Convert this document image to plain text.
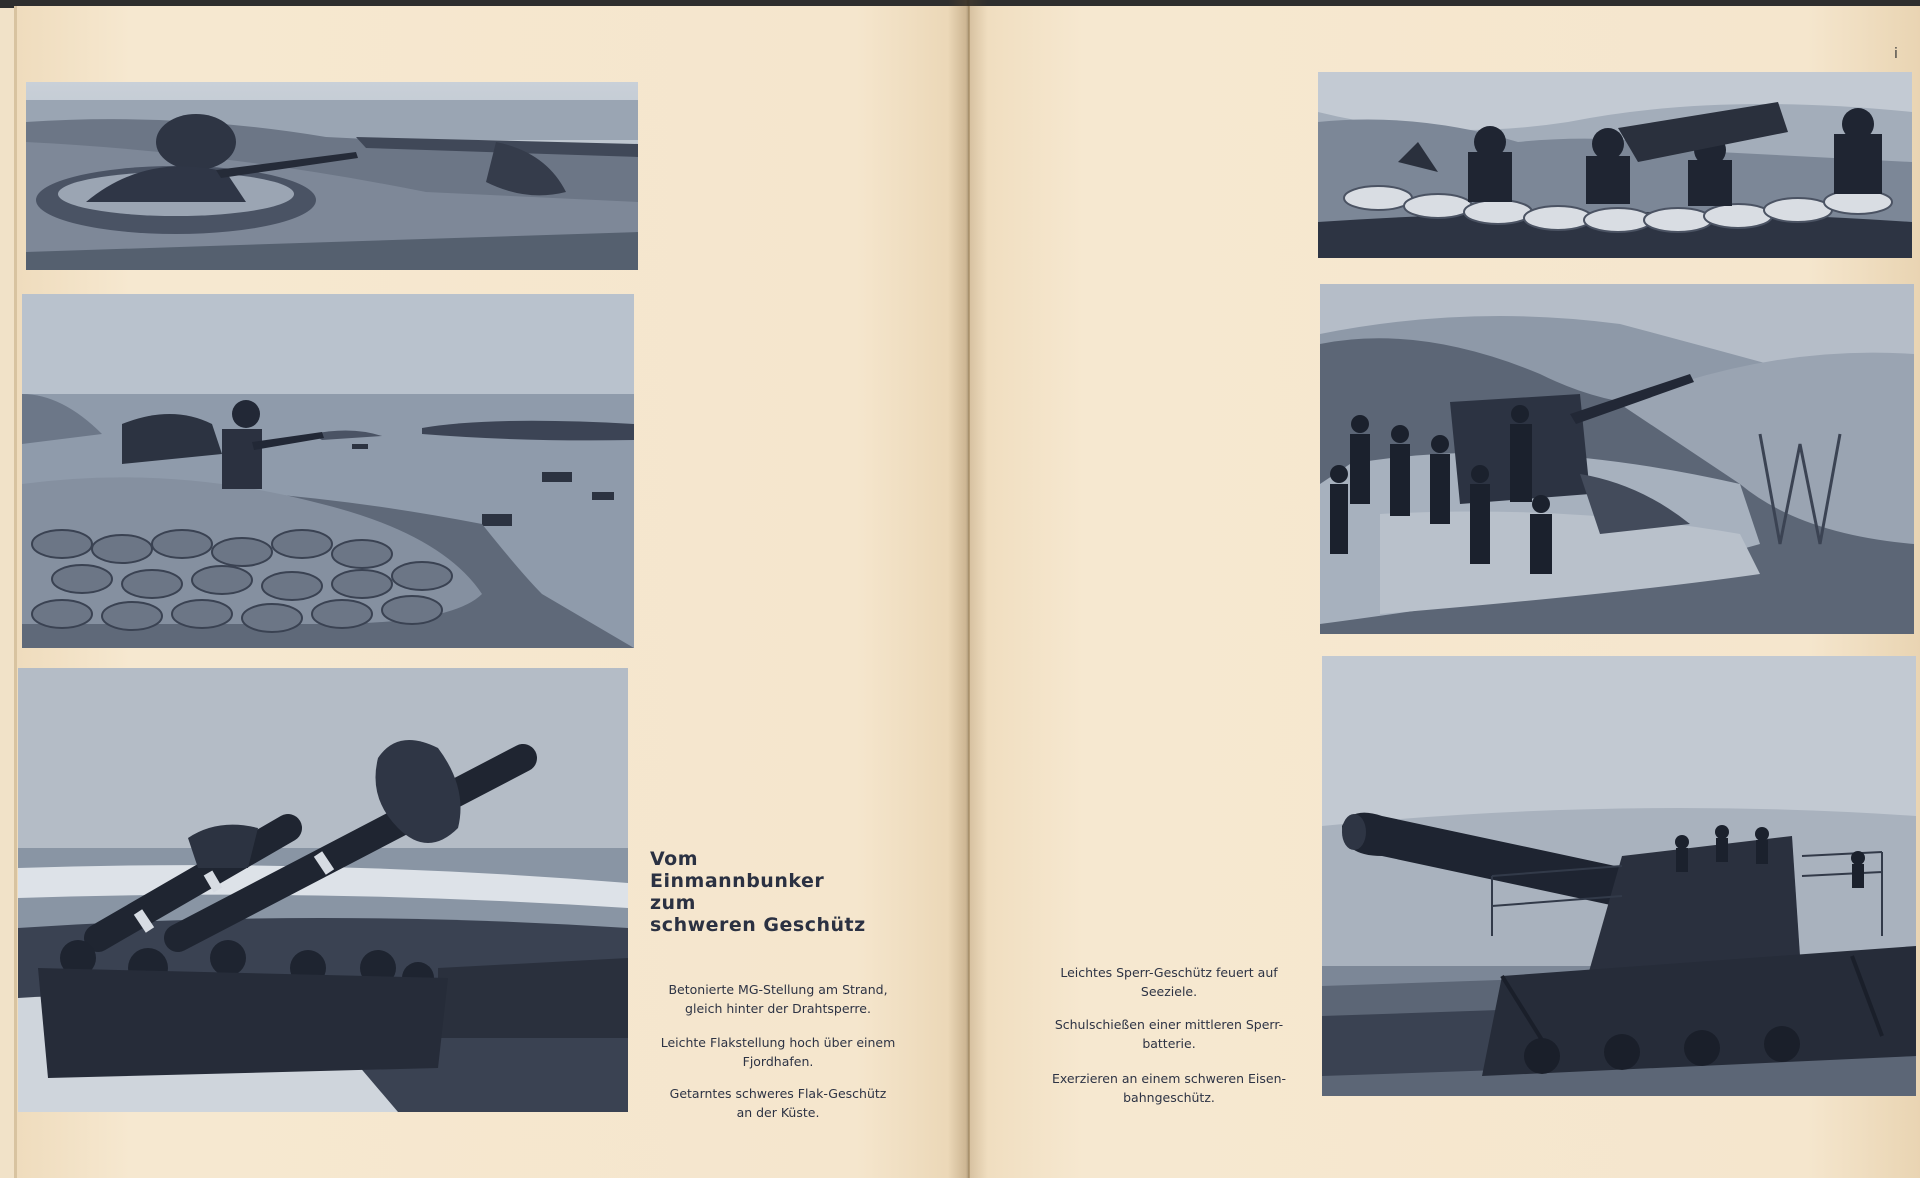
Vom
Einmannbunker
zum
schweren Geschütz
Betonierte MG-Stellung am Strand,
gleich hinter der Drahtsperre.
Leichte Flakstellung hoch über einem
Fjordhafen.
Getarntes schweres Flak-Geschütz
an der Küste.
Leichtes Sperr-Geschütz feuert auf
Seeziele.
Schulschießen einer mittleren Sperr-
batterie.
Exerzieren an einem schweren Eisen-
bahngeschütz.
i
